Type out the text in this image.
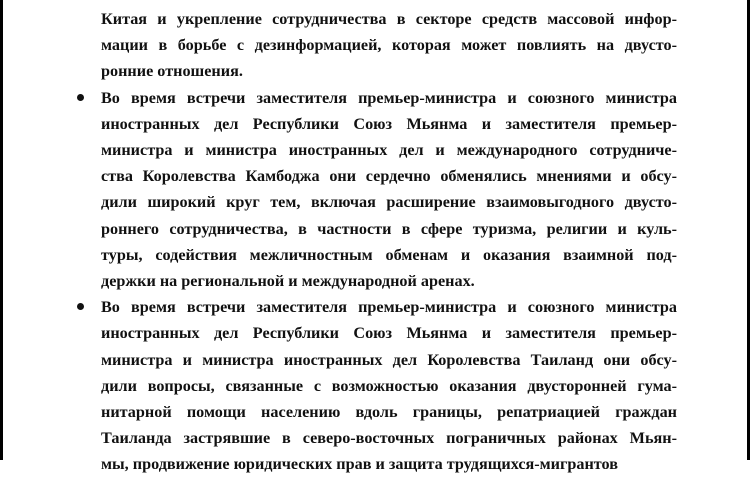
Китая и укрепление сотрудничества в секторе средств массовой инфор-
мации в борьбе с дезинформацией, которая может повлиять на двусто-
ронние отношения.
Во время встречи заместителя премьер-министра и союзного министра
иностранных дел Республики Союз Мьянма и заместителя премьер-
министра и министра иностранных дел и международного сотрудниче-
ства Королевства Камбоджа они сердечно обменялись мнениями и обсу-
дили широкий круг тем, включая расширение взаимовыгодного двусто-
роннего сотрудничества, в частности в сфере туризма, религии и куль-
туры, содействия межличностным обменам и оказания взаимной под-
держки на региональной и международной аренах.
Во время встречи заместителя премьер-министра и союзного министра
иностранных дел Республики Союз Мьянма и заместителя премьер-
министра и министра иностранных дел Королевства Таиланд они обсу-
дили вопросы, связанные с возможностью оказания двусторонней гума-
нитарной помощи населению вдоль границы, репатриацией граждан
Таиланда застрявшие в северо-восточных пограничных районах Мьян-
мы, продвижение юридических прав и защита трудящихся-мигрантов
